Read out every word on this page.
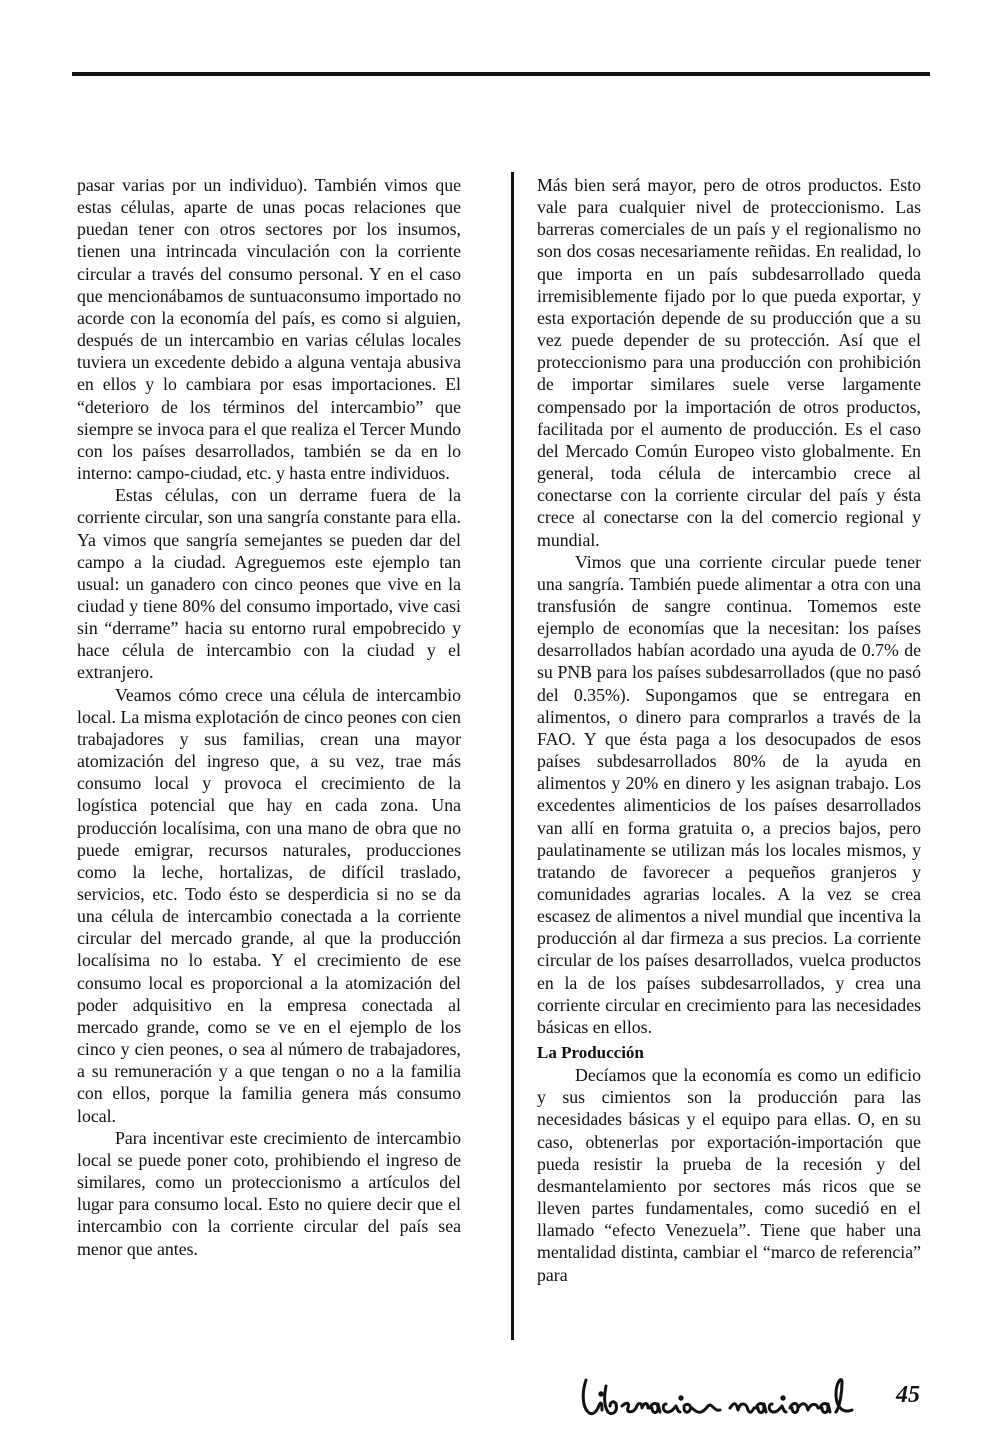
pasar varias por un individuo). También vimos que estas células, aparte de unas pocas relaciones que puedan tener con otros sectores por los insumos, tienen una intrincada vinculación con la corriente circular a través del consumo personal. Y en el caso que mencionábamos de suntuaconsumo importado no acorde con la economía del país, es como si alguien, después de un intercambio en varias células locales tuviera un excedente debido a alguna ventaja abusiva en ellos y lo cambiara por esas importaciones. El “deterioro de los términos del intercambio” que siempre se invoca para el que realiza el Tercer Mundo con los países desarrollados, también se da en lo interno: campo-ciudad, etc. y hasta entre individuos.

Estas células, con un derrame fuera de la corriente circular, son una sangría constante para ella. Ya vimos que sangría semejantes se pueden dar del campo a la ciudad. Agreguemos este ejemplo tan usual: un ganadero con cinco peones que vive en la ciudad y tiene 80% del consumo importado, vive casi sin “derrame” hacia su entorno rural empobrecido y hace célula de intercambio con la ciudad y el extranjero.

Veamos cómo crece una célula de intercambio local. La misma explotación de cinco peones con cien trabajadores y sus familias, crean una mayor atomización del ingreso que, a su vez, trae más consumo local y provoca el crecimiento de la logística potencial que hay en cada zona. Una producción localísima, con una mano de obra que no puede emigrar, recursos naturales, producciones como la leche, hortalizas, de difícil traslado, servicios, etc. Todo ésto se desperdicia si no se da una célula de intercambio conectada a la corriente circular del mercado grande, al que la producción localísima no lo estaba. Y el crecimiento de ese consumo local es proporcional a la atomización del poder adquisitivo en la empresa conectada al mercado grande, como se ve en el ejemplo de los cinco y cien peones, o sea al número de trabajadores, a su remuneración y a que tengan o no a la familia con ellos, porque la familia genera más consumo local.

Para incentivar este crecimiento de intercambio local se puede poner coto, prohibiendo el ingreso de similares, como un proteccionismo a artículos del lugar para consumo local. Esto no quiere decir que el intercambio con la corriente circular del país sea menor que antes.

Más bien será mayor, pero de otros productos. Esto vale para cualquier nivel de proteccionismo. Las barreras comerciales de un país y el regionalismo no son dos cosas necesariamente reñidas. En realidad, lo que importa en un país subdesarrollado queda irremisiblemente fijado por lo que pueda exportar, y esta exportación depende de su producción que a su vez puede depender de su protección. Así que el proteccionismo para una producción con prohibición de importar similares suele verse largamente compensado por la importación de otros productos, facilitada por el aumento de producción. Es el caso del Mercado Común Europeo visto globalmente. En general, toda célula de intercambio crece al conectarse con la corriente circular del país y ésta crece al conectarse con la del comercio regional y mundial.

Vimos que una corriente circular puede tener una sangría. También puede alimentar a otra con una transfusión de sangre continua. Tomemos este ejemplo de economías que la necesitan: los países desarrollados habían acordado una ayuda de 0.7% de su PNB para los países subdesarrollados (que no pasó del 0.35%). Supongamos que se entregara en alimentos, o dinero para comprarlos a través de la FAO. Y que ésta paga a los desocupados de esos países subdesarrollados 80% de la ayuda en alimentos y 20% en dinero y les asignan trabajo. Los excedentes alimenticios de los países desarrollados van allí en forma gratuita o, a precios bajos, pero paulatinamente se utilizan más los locales mismos, y tratando de favorecer a pequeños granjeros y comunidades agrarias locales. A la vez se crea escasez de alimentos a nivel mundial que incentiva la producción al dar firmeza a sus precios. La corriente circular de los países desarrollados, vuelca productos en la de los países subdesarrollados, y crea una corriente circular en crecimiento para las necesidades básicas en ellos.

La Producción

Decíamos que la economía es como un edificio y sus cimientos son la producción para las necesidades básicas y el equipo para ellas. O, en su caso, obtenerlas por exportación-importación que pueda resistir la prueba de la recesión y del desmantelamiento por sectores más ricos que se lleven partes fundamentales, como sucedió en el llamado “efecto Venezuela”. Tiene que haber una mentalidad distinta, cambiar el “marco de referencia” para

45
